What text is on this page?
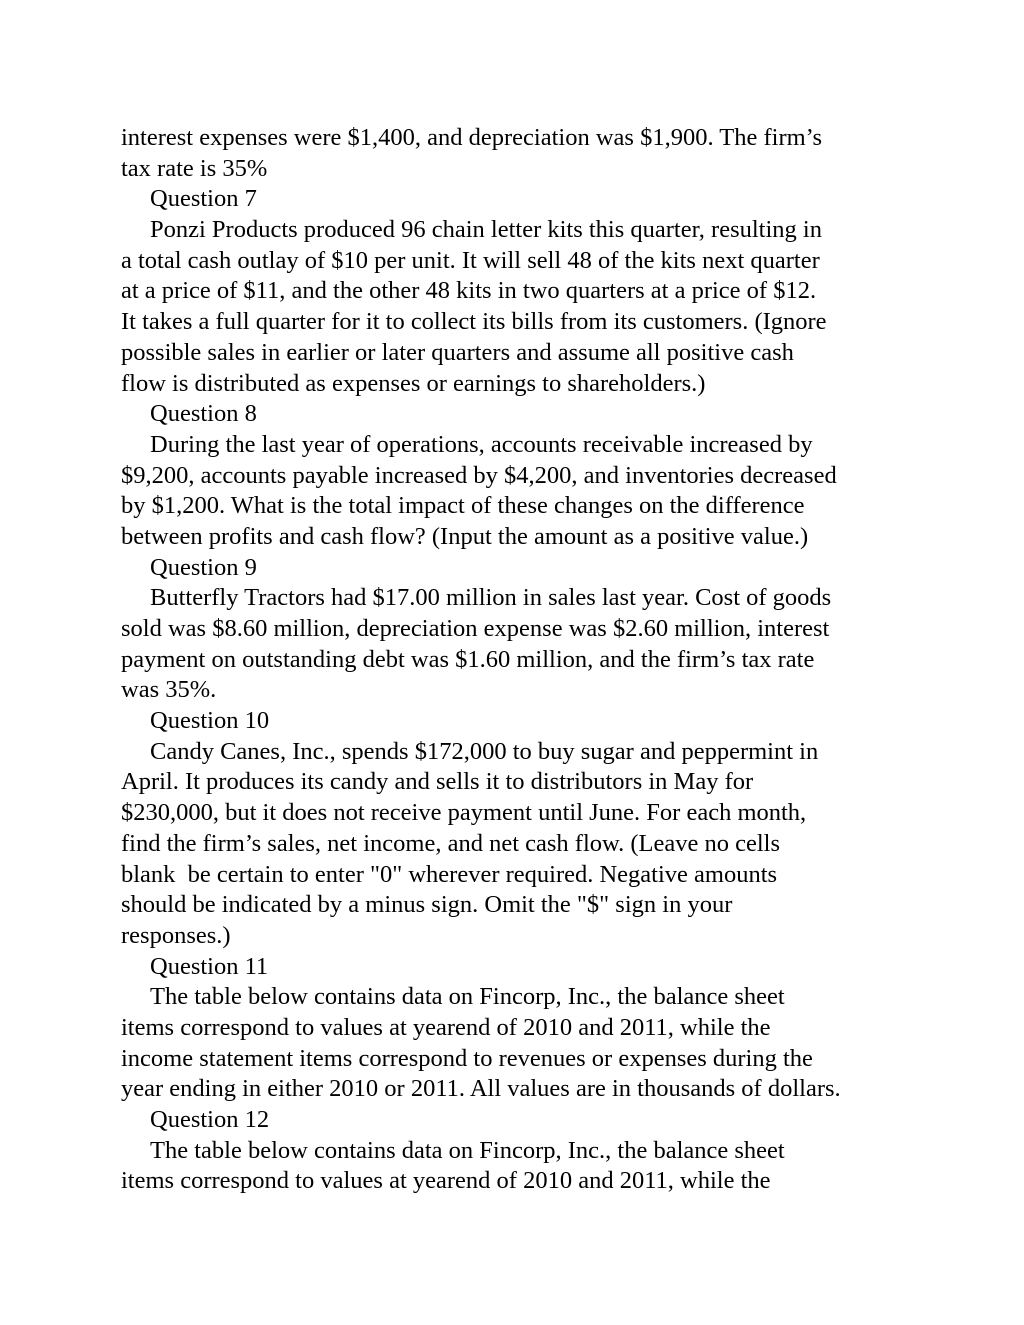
interest expenses were $1,400, and depreciation was $1,900. The firm’s
tax rate is 35%
Question 7
Ponzi Products produced 96 chain letter kits this quarter, resulting in
a total cash outlay of $10 per unit. It will sell 48 of the kits next quarter
at a price of $11, and the other 48 kits in two quarters at a price of $12.
It takes a full quarter for it to collect its bills from its customers. (Ignore
possible sales in earlier or later quarters and assume all positive cash
flow is distributed as expenses or earnings to shareholders.)
Question 8
During the last year of operations, accounts receivable increased by
$9,200, accounts payable increased by $4,200, and inventories decreased
by $1,200. What is the total impact of these changes on the difference
between profits and cash flow? (Input the amount as a positive value.)
Question 9
Butterfly Tractors had $17.00 million in sales last year. Cost of goods
sold was $8.60 million, depreciation expense was $2.60 million, interest
payment on outstanding debt was $1.60 million, and the firm’s tax rate
was 35%.
Question 10
Candy Canes, Inc., spends $172,000 to buy sugar and peppermint in
April. It produces its candy and sells it to distributors in May for
$230,000, but it does not receive payment until June. For each month,
find the firm’s sales, net income, and net cash flow. (Leave no cells
blank  be certain to enter "0" wherever required. Negative amounts
should be indicated by a minus sign. Omit the "$" sign in your
responses.)
Question 11
The table below contains data on Fincorp, Inc., the balance sheet
items correspond to values at yearend of 2010 and 2011, while the
income statement items correspond to revenues or expenses during the
year ending in either 2010 or 2011. All values are in thousands of dollars.
Question 12
The table below contains data on Fincorp, Inc., the balance sheet
items correspond to values at yearend of 2010 and 2011, while the
